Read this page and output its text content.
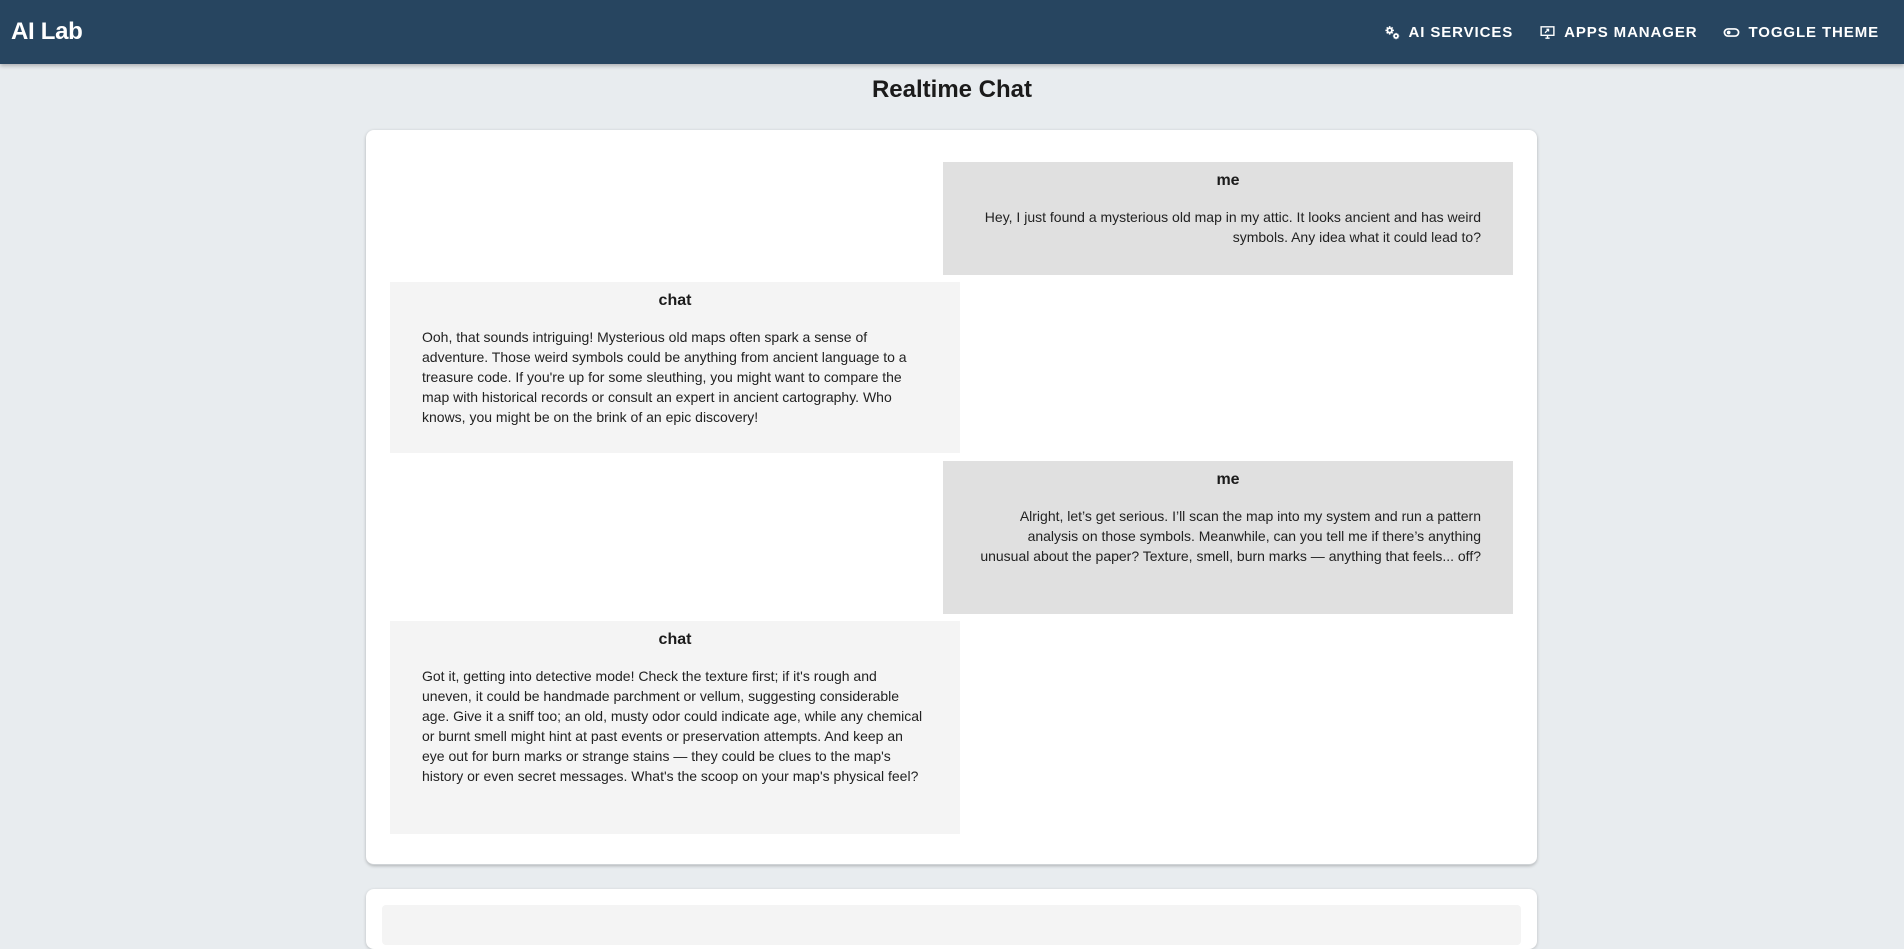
AI Lab	AI SERVICES	APPS MANAGER	TOGGLE THEME
Realtime Chat
me
Hey, I just found a mysterious old map in my attic. It looks ancient and has weird symbols. Any idea what it could lead to?
chat
Ooh, that sounds intriguing! Mysterious old maps often spark a sense of adventure. Those weird symbols could be anything from ancient language to a treasure code. If you're up for some sleuthing, you might want to compare the map with historical records or consult an expert in ancient cartography. Who knows, you might be on the brink of an epic discovery!
me
Alright, let’s get serious. I’ll scan the map into my system and run a pattern analysis on those symbols. Meanwhile, can you tell me if there’s anything unusual about the paper? Texture, smell, burn marks — anything that feels... off?
chat
Got it, getting into detective mode! Check the texture first; if it's rough and uneven, it could be handmade parchment or vellum, suggesting considerable age. Give it a sniff too; an old, musty odor could indicate age, while any chemical or burnt smell might hint at past events or preservation attempts. And keep an eye out for burn marks or strange stains — they could be clues to the map's history or even secret messages. What's the scoop on your map's physical feel?
